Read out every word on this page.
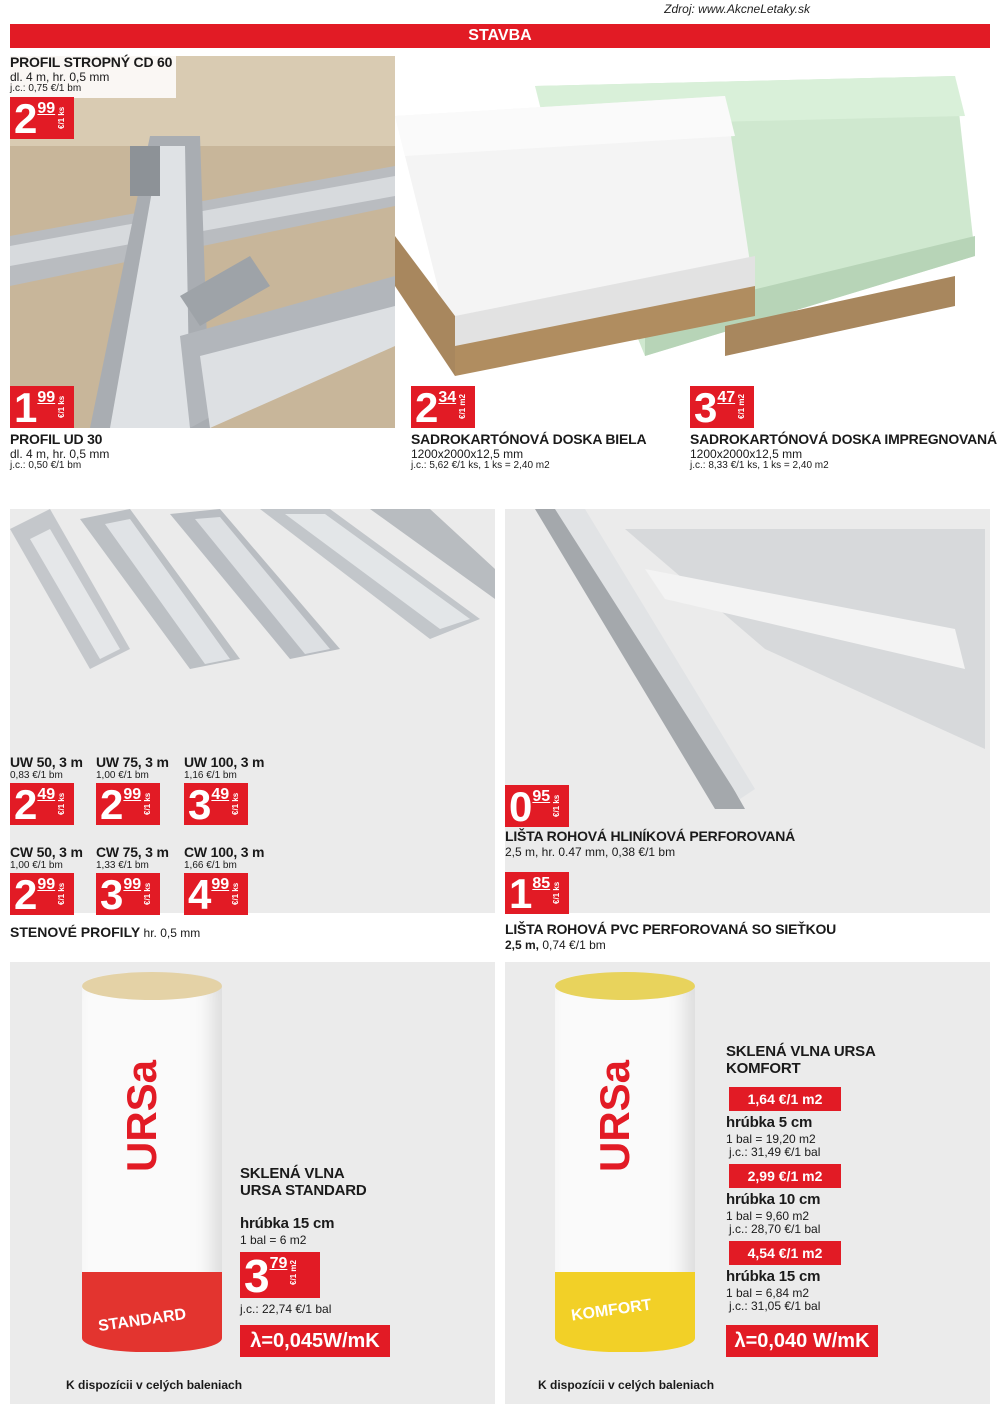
Zdroj: www.AkcneLetaky.sk
STAVBA
PROFIL STROPNÝ CD 60
dl. 4 m, hr. 0,5 mm
j.c.: 0,75 €/1 bm
2 99 €/1 ks
1 99 €/1 ks	2 34 €/1 m2	3 47 €/1 m2
PROFIL UD 30
dl. 4 m, hr. 0,5 mm
j.c.: 0,50 €/1 bm
SADROKARTÓNOVÁ DOSKA BIELA
1200x2000x12,5 mm
j.c.: 5,62 €/1 ks, 1 ks = 2,40 m2
SADROKARTÓNOVÁ DOSKA IMPREGNOVANÁ
1200x2000x12,5 mm
j.c.: 8,33 €/1 ks, 1 ks = 2,40 m2
UW 50, 3 m
0,83 €/1 bm
2 49 €/1 ks
UW 75, 3 m
1,00 €/1 bm
2 99 €/1 ks
UW 100, 3 m
1,16 €/1 bm
3 49 €/1 ks
CW 50, 3 m
1,00 €/1 bm
2 99 €/1 ks
CW 75, 3 m
1,33 €/1 bm
3 99 €/1 ks
CW 100, 3 m
1,66 €/1 bm
4 99 €/1 ks
STENOVÉ PROFILY hr. 0,5 mm
0 95 €/1 ks
LIŠTA ROHOVÁ HLINÍKOVÁ PERFOROVANÁ
2,5 m, hr. 0.47 mm, 0,38 €/1 bm
1 85 €/1 ks
LIŠTA ROHOVÁ PVC PERFOROVANÁ SO SIEŤKOU
2,5 m, 0,74 €/1 bm
STANDARD
URSa
K dispozícii v celých baleniach
SKLENÁ VLNA
URSA STANDARD
hrúbka 15 cm
1 bal = 6 m2
3 79 €/1 m2
j.c.: 22,74 €/1 bal
λ=0,045W/mK
KOMFORT
URSa
K dispozícii v celých baleniach
SKLENÁ VLNA URSA
KOMFORT
1,64 €/1 m2
hrúbka 5 cm
1 bal = 19,20 m2
j.c.: 31,49 €/1 bal
2,99 €/1 m2
hrúbka 10 cm
1 bal = 9,60 m2
j.c.: 28,70 €/1 bal
4,54 €/1 m2
hrúbka 15 cm
1 bal = 6,84 m2
j.c.: 31,05 €/1 bal
λ=0,040 W/mK
